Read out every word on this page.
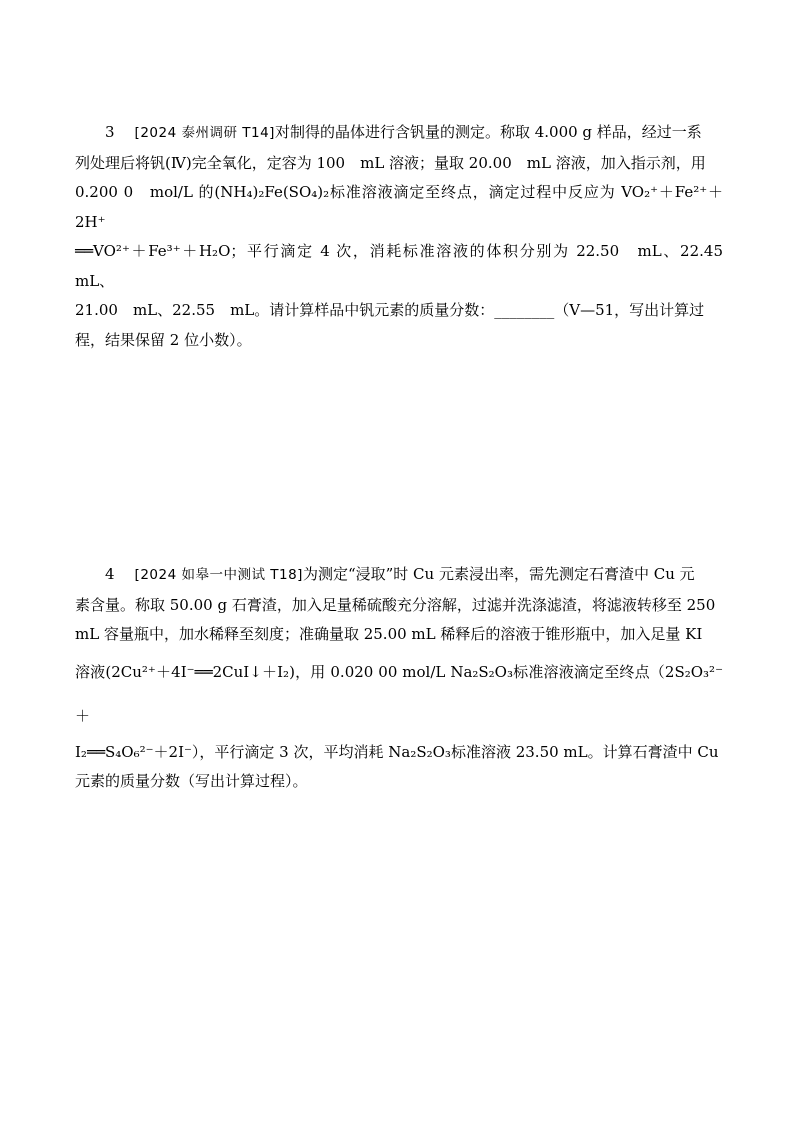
3 [2024 泰州调研 T14]对制得的晶体进行含钒量的测定。称取 4.000 g 样品，经过一系
列处理后将钒(Ⅳ)完全氧化，定容为 100　mL 溶液；量取 20.00　mL 溶液，加入指示剂，用
0.200 0　mol/L 的(NH₄)₂Fe(SO₄)₂标准溶液滴定至终点，滴定过程中反应为 VO₂⁺＋Fe²⁺＋2H⁺
══VO²⁺＋Fe³⁺＋H₂O；平行滴定 4 次，消耗标准溶液的体积分别为 22.50　mL、22.45　mL、
21.00　mL、22.55　mL。请计算样品中钒元素的质量分数：________（V—51，写出计算过
程，结果保留 2 位小数）。
4 [2024 如皋一中测试 T18]为测定“浸取”时 Cu 元素浸出率，需先测定石膏渣中 Cu 元
素含量。称取 50.00 g 石膏渣，加入足量稀硫酸充分溶解，过滤并洗涤滤渣，将滤液转移至 250
mL 容量瓶中，加水稀释至刻度；准确量取 25.00 mL 稀释后的溶液于锥形瓶中，加入足量 KI
溶液(2Cu²⁺＋4I⁻══2CuI↓＋I₂)，用 0.020 00 mol/L Na₂S₂O₃标准溶液滴定至终点（2S₂O₃²⁻＋
I₂══S₄O₆²⁻＋2I⁻），平行滴定 3 次，平均消耗 Na₂S₂O₃标准溶液 23.50 mL。计算石膏渣中 Cu
元素的质量分数（写出计算过程）。
